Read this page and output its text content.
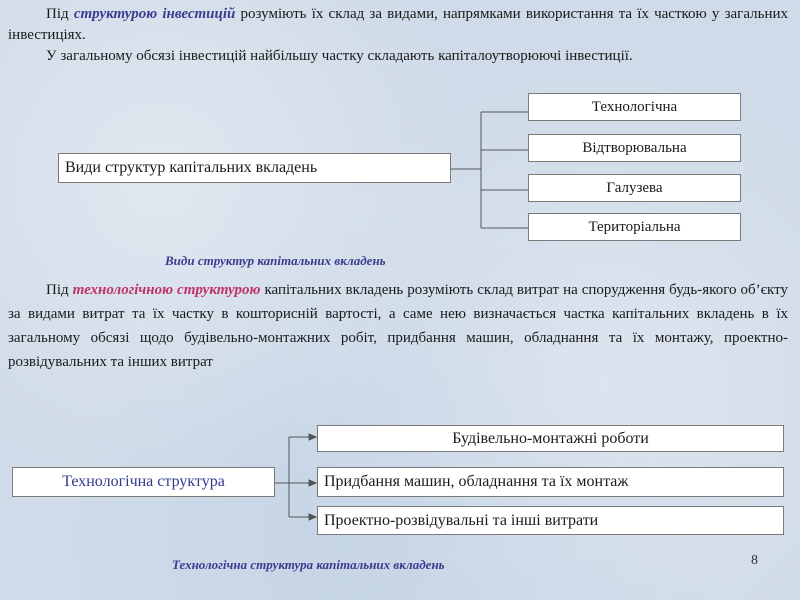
Під структурою інвестицій розуміють їх склад за видами, напрямками використання та їх часткою у загальних інвестиціях.
У загальному обсязі інвестицій найбільшу частку складають капіталоутворюючі інвестиції.

Види структур капітальних вкладень
Технологічна
Відтворювальна
Галузева
Територіальна
Види структур капітальних вкладень

Під технологічною структурою капітальних вкладень розуміють склад витрат на спорудження будь-якого об’єкту за видами витрат та їх частку в кошторисній вартості, а саме нею визначається частка капітальних вкладень в їх загальному обсязі щодо будівельно-монтажних робіт, придбання машин, обладнання та їх монтажу, проектно-розвідувальних та інших витрат

Технологічна структура
Будівельно-монтажні роботи
Придбання машин, обладнання та їх монтаж
Проектно-розвідувальні та інші витрати
Технологічна структура капітальних вкладень	8
